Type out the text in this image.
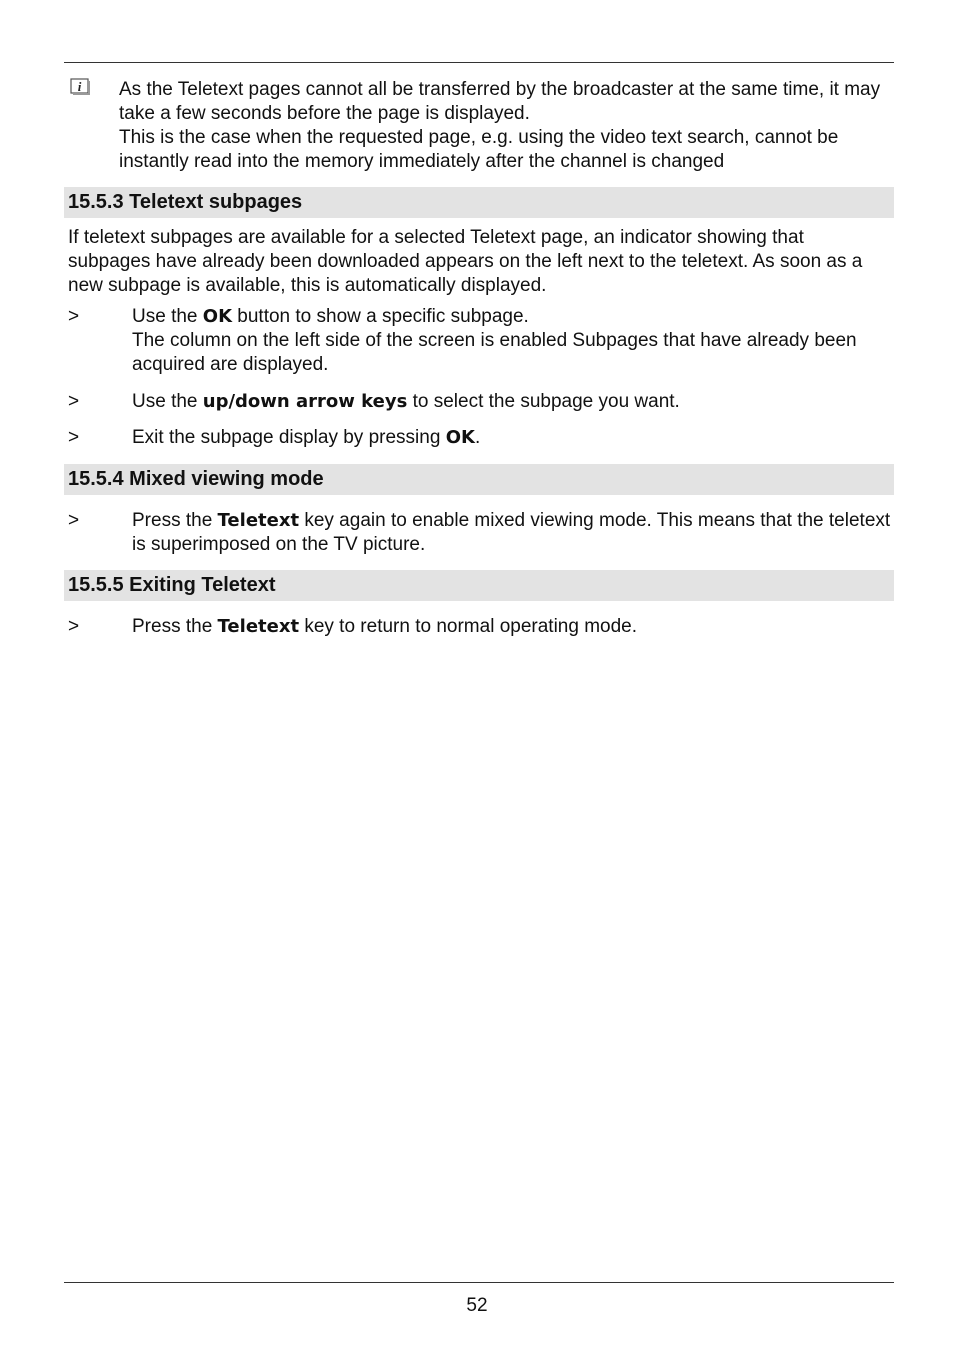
i As the Teletext pages cannot all be transferred by the broadcaster at the same time, it may take a few seconds before the page is displayed.

This is the case when the requested page, e.g. using the video text search, cannot be instantly read into the memory immediately after the channel is changed

15.5.3 Teletext subpages

If teletext subpages are available for a selected Teletext page, an indicator showing that subpages have already been downloaded appears on the left next to the teletext. As soon as a new subpage is available, this is automatically displayed.

>	Use the OK button to show a specific subpage.

The column on the left side of the screen is enabled Subpages that have already been acquired are displayed.

>	Use the up/down arrow keys to select the subpage you want.

>	Exit the subpage display by pressing OK.

15.5.4 Mixed viewing mode
>	Press the Teletext key again to enable mixed viewing mode. This means that the teletext is superimposed on the TV picture.

15.5.5 Exiting Teletext
>	Press the Teletext key to return to normal operating mode.

52
